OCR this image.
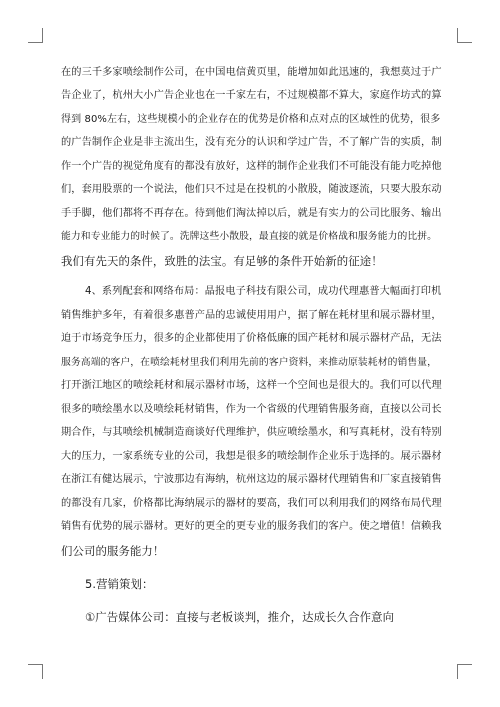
在的三千多家喷绘制作公司，在中国电信黄页里，能增加如此迅速的，我想莫过于广
告企业了，杭州大小广告企业也在一千家左右，不过规模都不算大，家庭作坊式的算
得到 80%左右，这些规模小的企业存在的优势是价格和点对点的区域性的优势，很多
的广告制作企业是非主流出生，没有充分的认识和学过广告，不了解广告的实质，制
作一个广告的视觉角度有的都没有放好，这样的制作企业我们不可能没有能力吃掉他
们，套用股票的一个说法，他们只不过是在投机的小散股，随波逐流，只要大股东动
手手脚，他们都将不再存在。待到他们淘汰掉以后，就是有实力的公司比服务、输出
能力和专业能力的时候了。洗牌这些小散股，最直接的就是价格战和服务能力的比拼。
我们有先天的条件，致胜的法宝。有足够的条件开始新的征途！
4、系列配套和网络布局：晶报电子科技有限公司，成功代理惠普大幅面打印机
销售维护多年，有着很多惠普产品的忠诚使用用户，据了解在耗材里和展示器材里，
迫于市场竞争压力，很多的企业都使用了价格低廉的国产耗材和展示器材产品，无法
服务高端的客户，在喷绘耗材里我们利用先前的客户资料，来推动原装耗材的销售量，
打开浙江地区的喷绘耗材和展示器材市场，这样一个空间也是很大的。我们可以代理
很多的喷绘墨水以及喷绘耗材销售，作为一个省级的代理销售服务商，直接以公司长
期合作，与其喷绘机械制造商谈好代理维护，供应喷绘墨水，和写真耗材，没有特别
大的压力，一家系统专业的公司，我想是很多的喷绘制作企业乐于选择的。展示器材
在浙江有健达展示，宁波那边有海纳，杭州这边的展示器材代理销售和厂家直接销售
的都没有几家，价格都比海纳展示的器材的要高，我们可以利用我们的网络布局代理
销售有优势的展示器材。更好的更全的更专业的服务我们的客户。使之增值！信赖我
们公司的服务能力！
5.营销策划：
①广告媒体公司：直接与老板谈判，推介，达成长久合作意向
